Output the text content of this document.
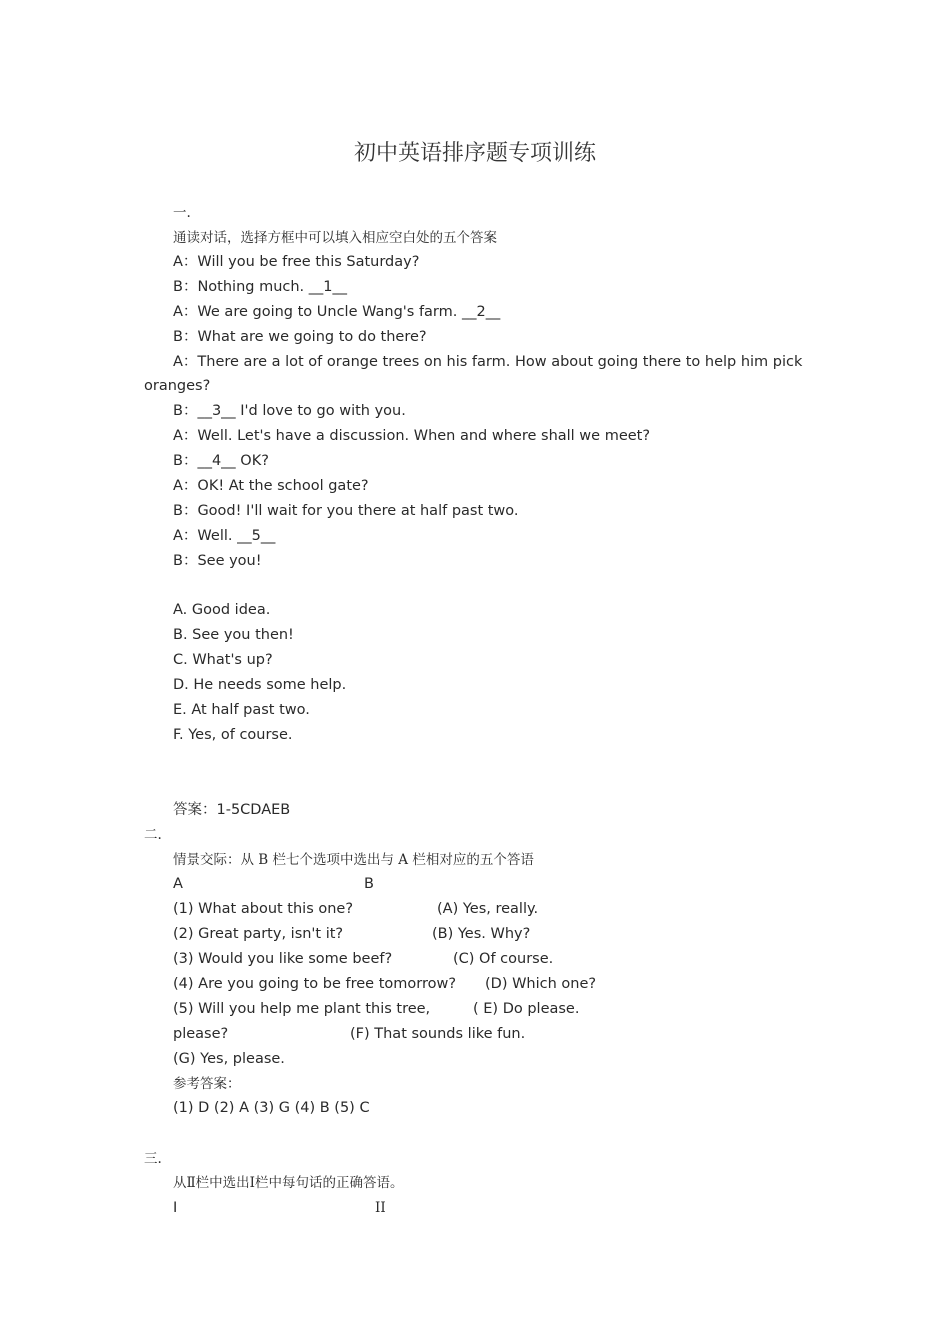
初中英语排序题专项训练
一.
通读对话，选择方框中可以填入相应空白处的五个答案
A：Will you be free this Saturday?
B：Nothing much. __1__
A：We are going to Uncle Wang's farm. __2__
B：What are we going to do there?
A：There are a lot of orange trees on his farm. How about going there to help him pick
oranges?
B：__3__ I'd love to go with you.
A：Well. Let's have a discussion. When and where shall we meet?
B：__4__ OK?
A：OK! At the school gate?
B：Good! I'll wait for you there at half past two.
A：Well. __5__
B：See you!
A. Good idea.
B. See you then!
C. What's up?
D. He needs some help.
E. At half past two.
F. Yes, of course.
答案：1-5CDAEB
二.
情景交际：从 B 栏七个选项中选出与 A 栏相对应的五个答语
A	B
(1) What about this one?	(A) Yes, really.
(2) Great party, isn't it?	(B) Yes. Why?
(3) Would you like some beef?	(C) Of course.
(4) Are you going to be free tomorrow? (D) Which one?
(5) Will you help me plant this tree,	( E) Do please.
please?	(F) That sounds like fun.
(G) Yes, please.
参考答案：
(1) D (2) A (3) G (4) B (5) C
三.
从Ⅱ栏中选出Ⅰ栏中每句话的正确答语。
I	II
